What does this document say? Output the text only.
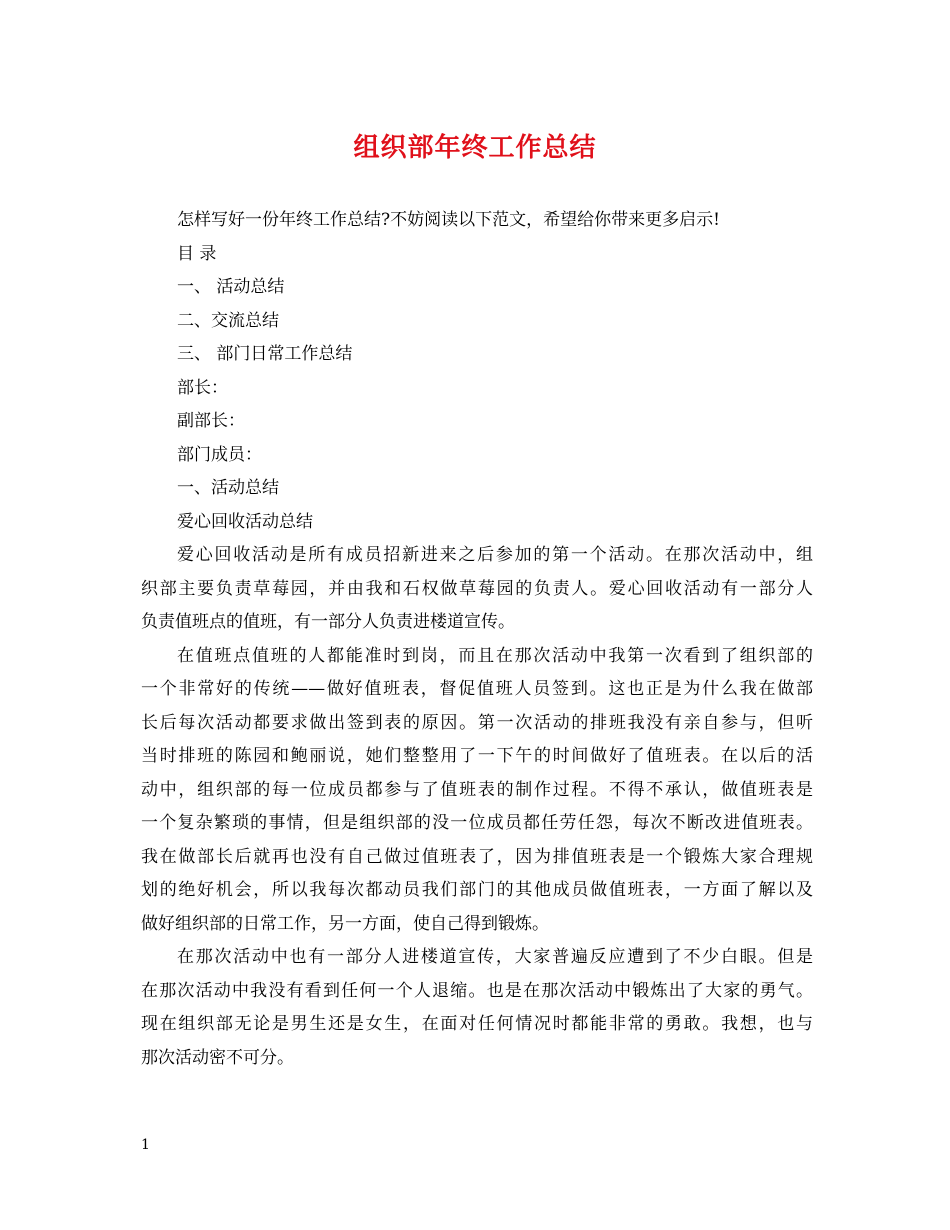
组织部年终工作总结
怎样写好一份年终工作总结?不妨阅读以下范文，希望给你带来更多启示!
目 录
一、 活动总结
二、交流总结
三、 部门日常工作总结
部长：
副部长：
部门成员：
一、活动总结
爱心回收活动总结
爱心回收活动是所有成员招新进来之后参加的第一个活动。在那次活动中，组
织部主要负责草莓园，并由我和石权做草莓园的负责人。爱心回收活动有一部分人
负责值班点的值班，有一部分人负责进楼道宣传。
在值班点值班的人都能准时到岗，而且在那次活动中我第一次看到了组织部的
一个非常好的传统——做好值班表，督促值班人员签到。这也正是为什么我在做部
长后每次活动都要求做出签到表的原因。第一次活动的排班我没有亲自参与，但听
当时排班的陈园和鲍丽说，她们整整用了一下午的时间做好了值班表。在以后的活
动中，组织部的每一位成员都参与了值班表的制作过程。不得不承认，做值班表是
一个复杂繁琐的事情，但是组织部的没一位成员都任劳任怨，每次不断改进值班表。
我在做部长后就再也没有自己做过值班表了，因为排值班表是一个锻炼大家合理规
划的绝好机会，所以我每次都动员我们部门的其他成员做值班表，一方面了解以及
做好组织部的日常工作，另一方面，使自己得到锻炼。
在那次活动中也有一部分人进楼道宣传，大家普遍反应遭到了不少白眼。但是
在那次活动中我没有看到任何一个人退缩。也是在那次活动中锻炼出了大家的勇气。
现在组织部无论是男生还是女生，在面对任何情况时都能非常的勇敢。我想，也与
那次活动密不可分。
1
